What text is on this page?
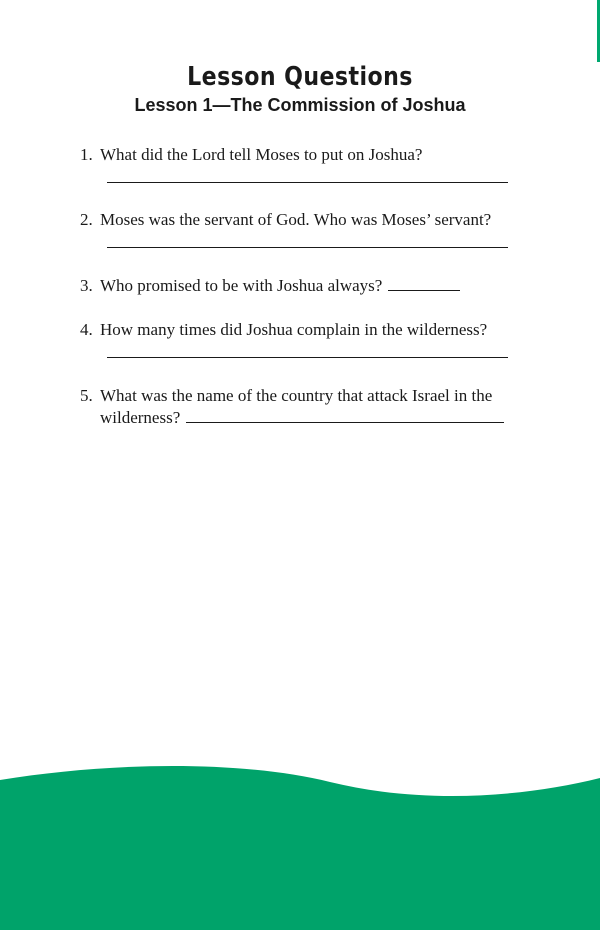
Lesson Questions
Lesson 1—The Commission of Joshua
1. What did the Lord tell Moses to put on Joshua?
2. Moses was the servant of God. Who was Moses’ servant?
3. Who promised to be with Joshua always?
4. How many times did Joshua complain in the wilderness?
5. What was the name of the country that attack Israel in the
wilderness?
